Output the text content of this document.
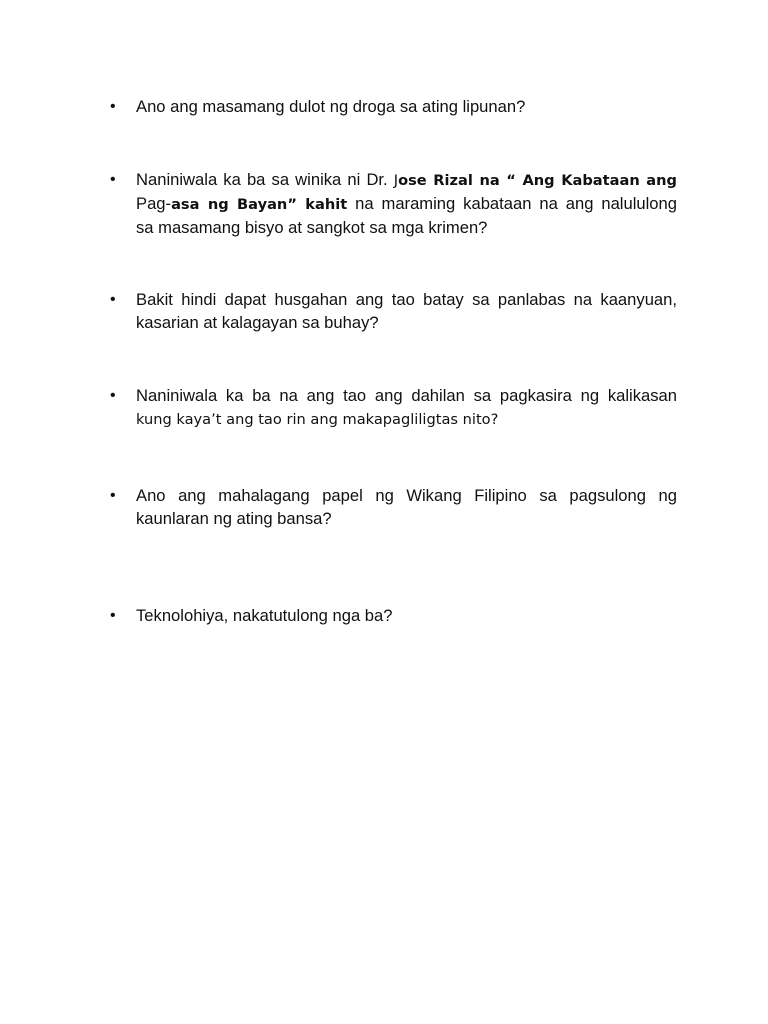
•	Ano ang masamang dulot ng droga sa ating lipunan?
•	Naniniwala ka ba sa winika ni Dr. Jose Rizal na “ Ang Kabataan ang
Pag-asa ng Bayan” kahit na maraming kabataan na ang nalululong
sa masamang bisyo at sangkot sa mga krimen?
•	Bakit hindi dapat husgahan ang tao batay sa panlabas na kaanyuan,
kasarian at kalagayan sa buhay?
•	Naniniwala ka ba na ang tao ang dahilan sa pagkasira ng kalikasan
kung kaya’t ang tao rin ang makapagliligtas nito?
•	Ano ang mahalagang papel ng Wikang Filipino sa pagsulong ng
kaunlaran ng ating bansa?
•	Teknolohiya, nakatutulong nga ba?
